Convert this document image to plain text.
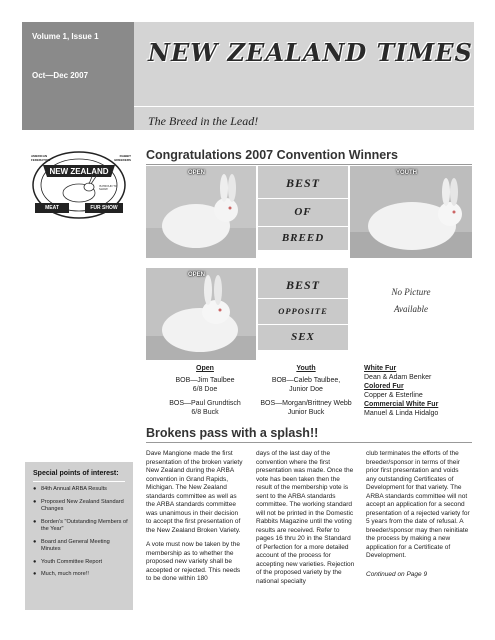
Volume 1, Issue 1
Oct—Dec 2007
NEW ZEALAND TIMES
The Breed in the Lead!
NEW ZEALAND
AMERICAN FEDERATION
RABBIT BREEDERS
MEAT	FUR SHOW
IS PROUD TO SHOW
Congratulations 2007 Convention Winners
OPEN	YOUTH
OPEN
BEST
OF
BREED
BEST
OPPOSITE
SEX
No Picture
Available
Open
BOB—Jim Taulbee
6/8 Doe
BOS—Paul Grundtisch
6/8 Buck
Youth
BOB—Caleb Taulbee,
Junior Doe
BOS—Morgan/Brittney Webb
Junior Buck
White Fur
Dean & Adam Benker
Colored Fur
Copper & Esterline
Commercial White Fur
Manuel & Linda Hidalgo
Brokens pass with a splash!!

Dave Mangione made the first presentation of the broken variety New Zealand during the ARBA convention in Grand Rapids, Michigan. The New Zealand standards committee as well as the ARBA standards committee was unanimous in their decision to accept the first presentation of the New Zealand Broken Variety.

A vote must now be taken by the membership as to whether the proposed new variety shall be accepted or rejected. This needs to be done within 180

days of the last day of the convention where the first presentation was made. Once the vote has been taken then the result of the membership vote is sent to the ARBA standards committee. The working standard will not be printed in the Domestic Rabbits Magazine until the voting results are received. Refer to pages 16 thru 20 in the Standard of Perfection for a more detailed account of the process for accepting new varieties. Rejection of the proposed variety by the national specialty

club terminates the efforts of the breeder/sponsor in terms of their prior first presentation and voids any outstanding Certificates of Development for that variety. The ARBA standards committee will not accept an application for a second presentation of a rejected variety for 5 years from the date of refusal. A breeder/sponsor may then reinitiate the process by making a new application for a Certificate of Development.

Continued on Page 9

Special points of interest:
● 84th Annual ARBA Results
● Proposed New Zealand Standard Changes
● Borden's "Outstanding Members of the Year"
● Board and General Meeting Minutes
● Youth Committee Report
● Much, much more!!
